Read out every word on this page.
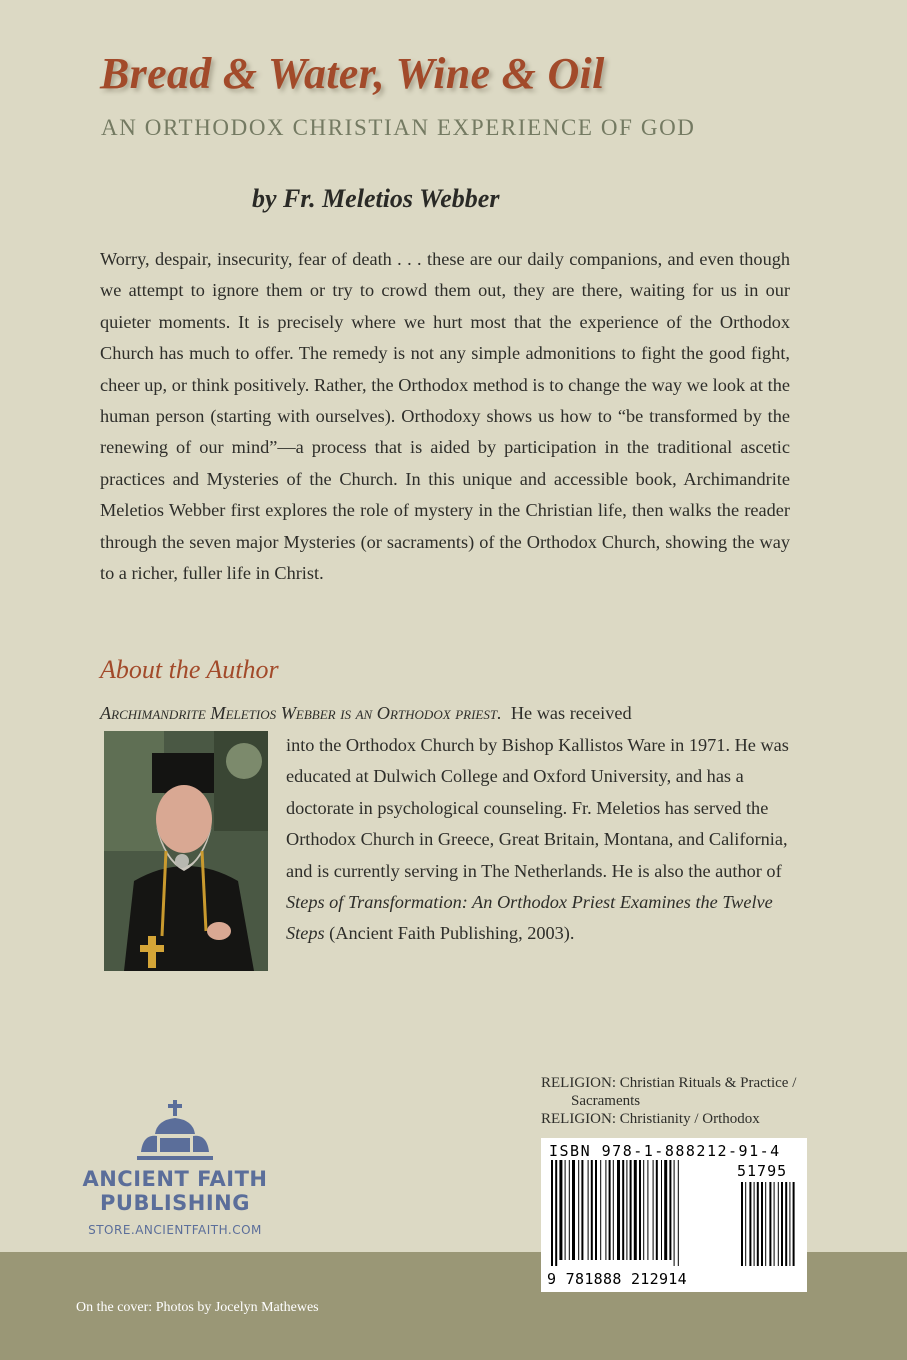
Bread & Water, Wine & Oil
AN ORTHODOX CHRISTIAN EXPERIENCE OF GOD
by Fr. Meletios Webber
Worry, despair, insecurity, fear of death . . . these are our daily companions, and even though we attempt to ignore them or try to crowd them out, they are there, waiting for us in our quieter moments. It is precisely where we hurt most that the experience of the Orthodox Church has much to offer. The remedy is not any simple admonitions to fight the good fight, cheer up, or think positively. Rather, the Orthodox method is to change the way we look at the human person (starting with ourselves). Orthodoxy shows us how to “be transformed by the renewing of our mind”—a process that is aided by participation in the traditional ascetic practices and Mysteries of the Church. In this unique and accessible book, Archimandrite Meletios Webber first explores the role of mystery in the Christian life, then walks the reader through the seven major Mysteries (or sacraments) of the Orthodox Church, showing the way to a richer, fuller life in Christ.
About the Author
Archimandrite Meletios Webber is an Orthodox priest. He was received
into the Orthodox Church by Bishop Kallistos Ware in 1971. He was educated at Dulwich College and Oxford University, and has a doctorate in psychological counseling. Fr. Meletios has served the Orthodox Church in Greece, Great Britain, Montana, and California, and is currently serving in The Netherlands. He is also the author of Steps of Transformation: An Orthodox Priest Examines the Twelve Steps (Ancient Faith Publishing, 2003).
ANCIENT FAITH
PUBLISHING
STORE.ANCIENTFAITH.COM
RELIGION: Christian Rituals & Practice /
Sacraments
RELIGION: Christianity / Orthodox
On the cover: Photos by Jocelyn Mathewes
ISBN 978-1-888212-91-4
51795
9 781888 212914
